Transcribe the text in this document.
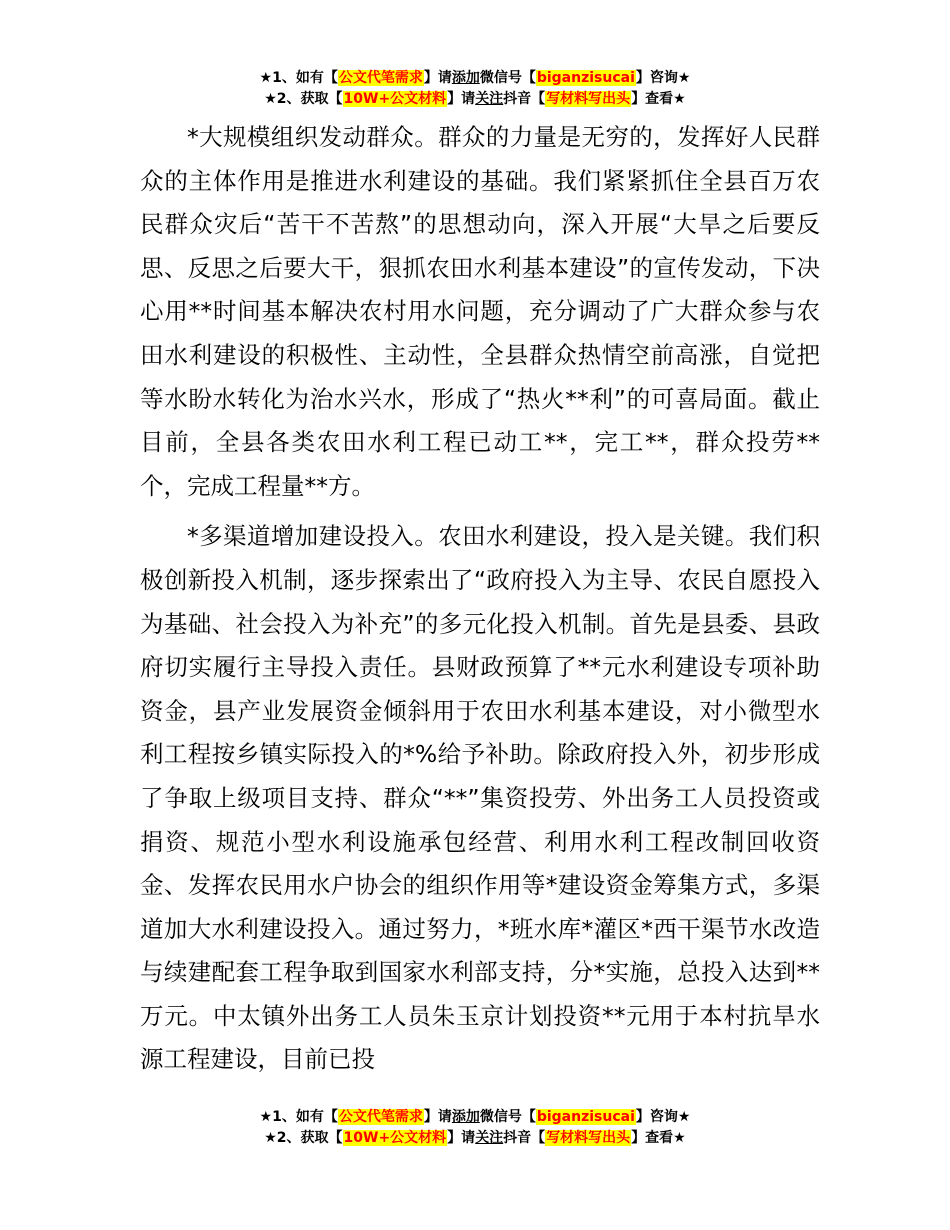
★1、如有【公文代笔需求】请添加微信号【biganzisucai】咨询★
★2、获取【10W+公文材料】请关注抖音【写材料写出头】查看★

*大规模组织发动群众。群众的力量是无穷的，发挥好人民群众的主体作用是推进水利建设的基础。我们紧紧抓住全县百万农民群众灾后“苦干不苦熬”的思想动向，深入开展“大旱之后要反思、反思之后要大干，狠抓农田水利基本建设”的宣传发动，下决心用**时间基本解决农村用水问题，充分调动了广大群众参与农田水利建设的积极性、主动性，全县群众热情空前高涨，自觉把等水盼水转化为治水兴水，形成了“热火**利”的可喜局面。截止目前，全县各类农田水利工程已动工**，完工**，群众投劳**个，完成工程量**方。

*多渠道增加建设投入。农田水利建设，投入是关键。我们积极创新投入机制，逐步探索出了“政府投入为主导、农民自愿投入为基础、社会投入为补充”的多元化投入机制。首先是县委、县政府切实履行主导投入责任。县财政预算了**元水利建设专项补助资金，县产业发展资金倾斜用于农田水利基本建设，对小微型水利工程按乡镇实际投入的*%给予补助。除政府投入外，初步形成了争取上级项目支持、群众“**”集资投劳、外出务工人员投资或捐资、规范小型水利设施承包经营、利用水利工程改制回收资金、发挥农民用水户协会的组织作用等*建设资金筹集方式，多渠道加大水利建设投入。通过努力，*班水库*灌区*西干渠节水改造与续建配套工程争取到国家水利部支持，分*实施，总投入达到**万元。中太镇外出务工人员朱玉京计划投资**元用于本村抗旱水源工程建设，目前已投

★1、如有【公文代笔需求】请添加微信号【biganzisucai】咨询★
★2、获取【10W+公文材料】请关注抖音【写材料写出头】查看★
